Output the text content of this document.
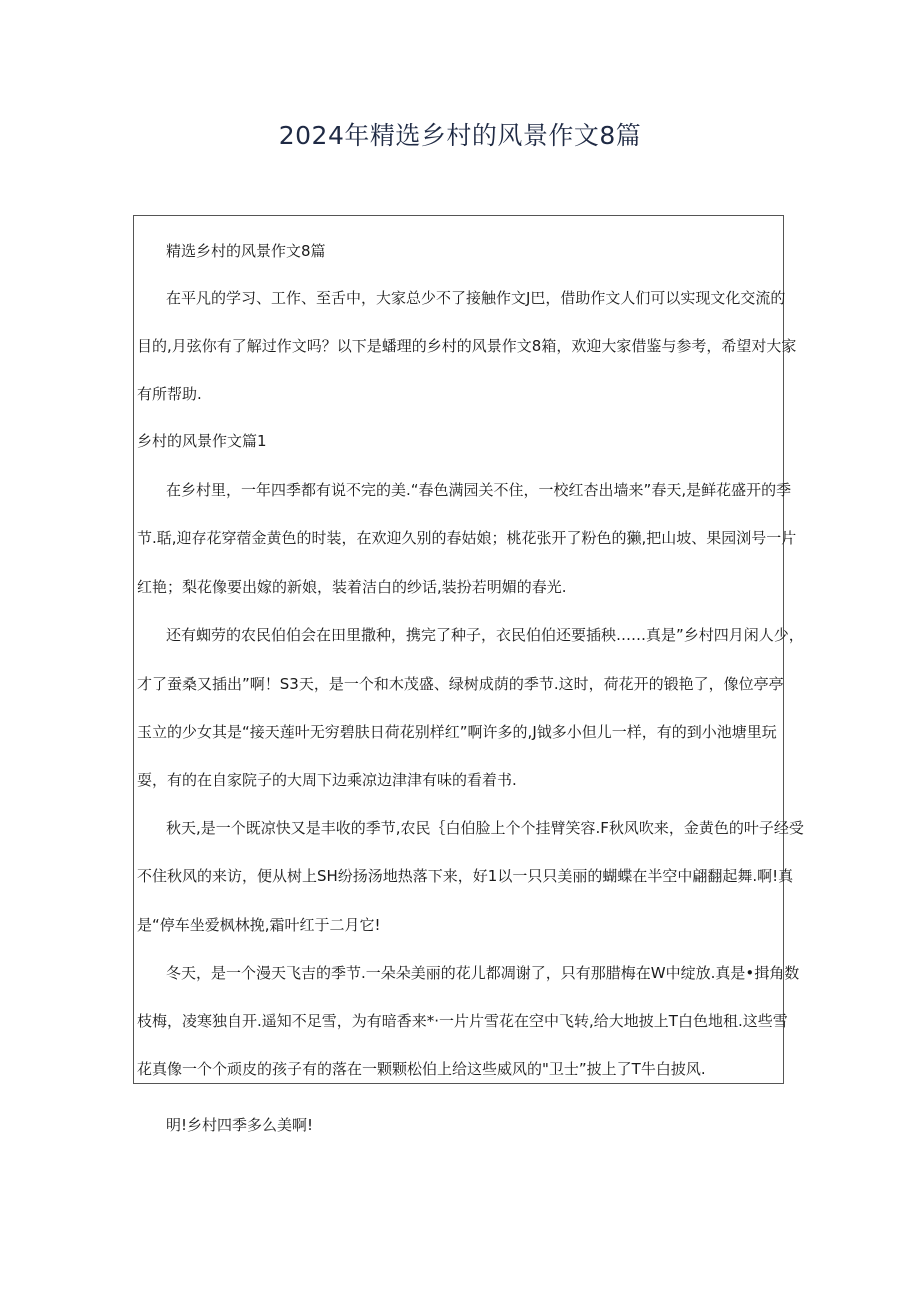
2024年精选乡村的风景作文8篇
精选乡村的风景作文8篇
在平凡的学习、工作、至舌中，大家总少不了接触作文J巴，借助作文人们可以实现文化交流的
目的,月弦你有了解过作文吗？以下是蟠理的乡村的风景作文8箱，欢迎大家借鉴与参考，希望对大家
有所帮助.
乡村的风景作文篇1
在乡村里，一年四季都有说不完的美.“春色满园关不住，一校红杏出墙来”春天,是鲜花盛开的季
节.聒,迎存花穿蓿金黄色的时装，在欢迎久别的春姑娘；桃花张开了粉色的獭,把山坡、果园浏号一片
红艳；梨花像要出嫁的新娘，装着洁白的纱话,装扮若明媚的春光.
还有蜘劳的农民伯伯会在田里撒种，携完了种子，衣民伯伯还要插秧……真是”乡村四月闲人少，
才了蚕桑又插出”啊！S3天，是一个和木茂盛、绿树成荫的季节.这时，荷花开的锻艳了，像位亭亭
玉立的少女其是“接天莲叶无穷碧肤日荷花别样红”啊许多的,J钺多小但儿一样，有的到小池塘里玩
耍，有的在自家院子的大周下边乘凉边津津有味的看着书.
秋天,是一个既凉快又是丰收的季节,农民｛白伯脸上个个挂臂笑容.F秋风吹来，金黄色的叶子经受
不住秋风的来访，便从树上SH纷扬汤地热落下来，好1以一只只美丽的蝴蝶在半空中翩翻起舞.啊!真
是“停车坐爱枫林挽,霜叶红于二月它!
冬天，是一个漫天飞吉的季节.一朵朵美丽的花儿都凋谢了，只有那腊梅在W中绽放.真是•揖角数
枝梅，凌寒独自开.遥知不足雪，为有暗香来*·一片片雪花在空中飞转,给大地披上T白色地租.这些雪
花真像一个个顽皮的孩子有的落在一颗颗松伯上给这些威风的"卫士”披上了T牛白披风.
明!乡村四季多么美啊!
